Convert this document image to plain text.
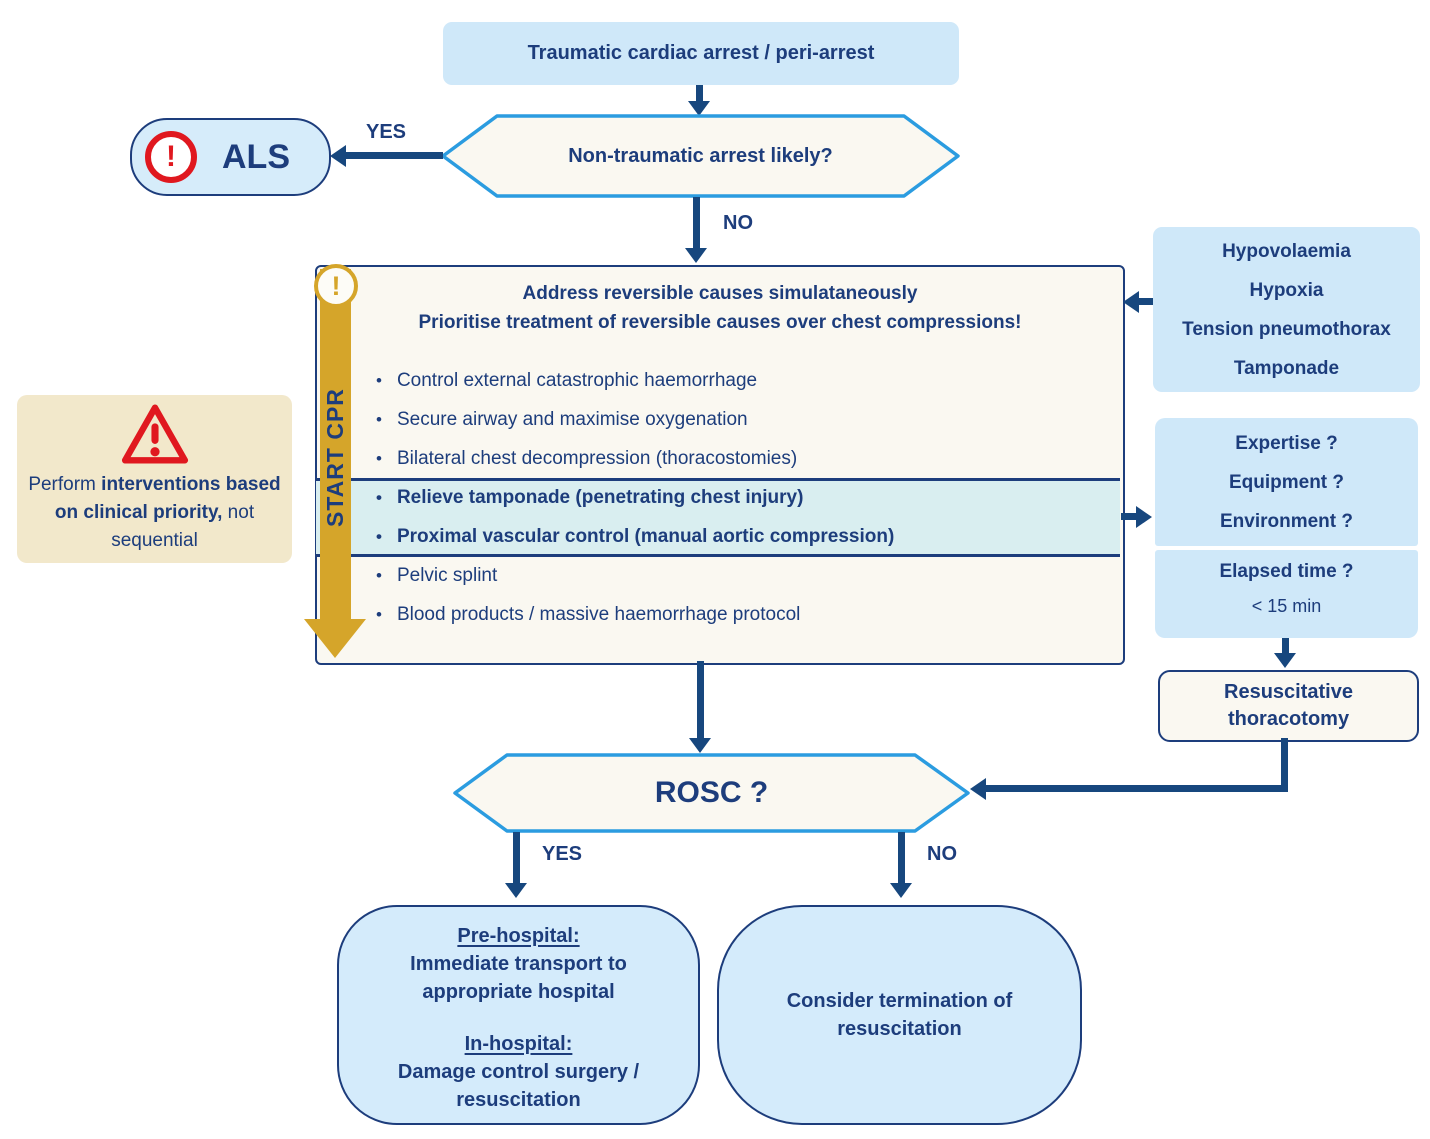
Traumatic cardiac arrest / peri-arrest
Non-traumatic arrest likely?
YES
!	ALS
NO
Perform interventions based on clinical priority, not sequential
Address reversible causes simulataneously
Prioritise treatment of reversible causes over chest compressions!
• Control external catastrophic haemorrhage
• Secure airway and maximise oxygenation
• Bilateral chest decompression (thoracostomies)
• Relieve tamponade (penetrating chest injury)
• Proximal vascular control (manual aortic compression)
• Pelvic splint
• Blood products / massive haemorrhage protocol
START CPR
!
Hypovolaemia
Hypoxia
Tension pneumothorax
Tamponade
Expertise ?
Equipment ?
Environment ?
Elapsed time ?
< 15 min
Resuscitative thoracotomy
ROSC ?
YES	NO
Pre-hospital:
Immediate transport to appropriate hospital
In-hospital:
Damage control surgery / resuscitation
Consider termination of resuscitation
